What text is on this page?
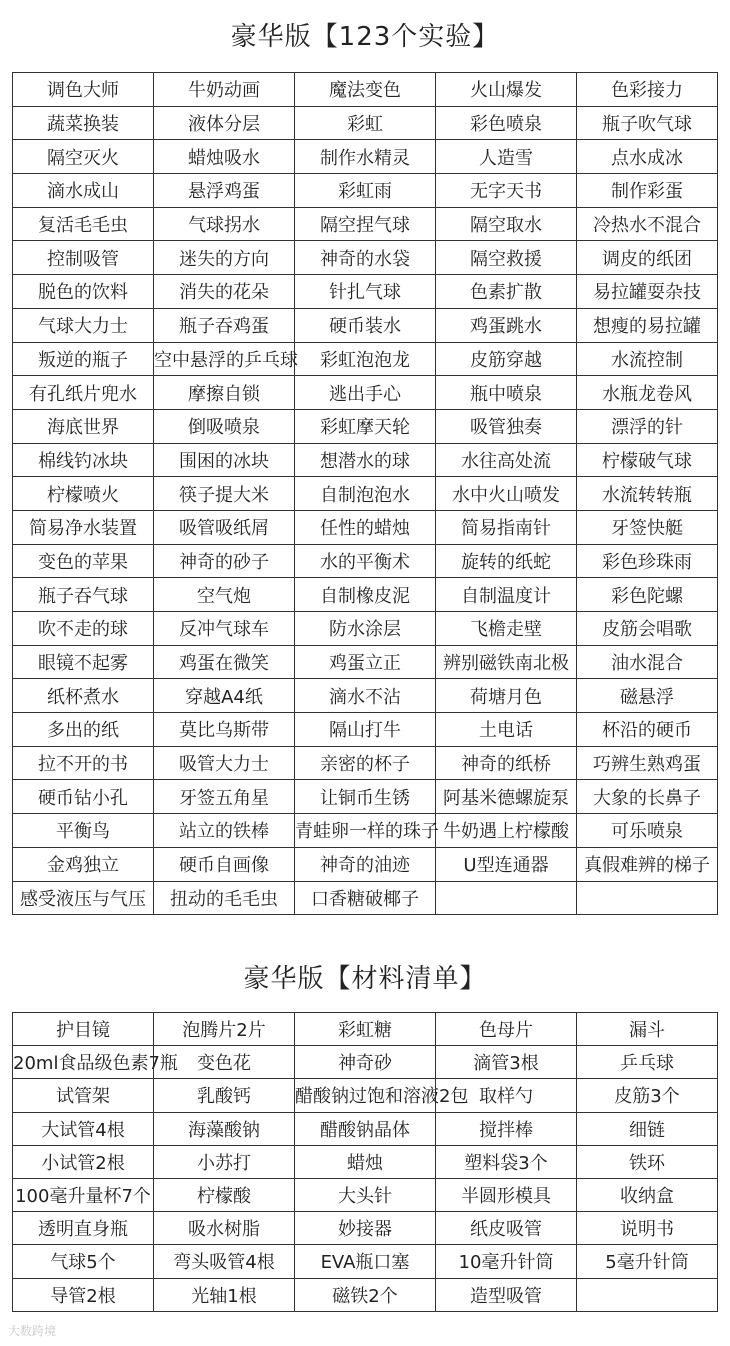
豪华版【123个实验】
调色大师	牛奶动画	魔法变色	火山爆发	色彩接力
蔬菜换装	液体分层	彩虹	彩色喷泉	瓶子吹气球
隔空灭火	蜡烛吸水	制作水精灵	人造雪	点水成冰
滴水成山	悬浮鸡蛋	彩虹雨	无字天书	制作彩蛋
复活毛毛虫	气球拐水	隔空捏气球	隔空取水	冷热水不混合
控制吸管	迷失的方向	神奇的水袋	隔空救援	调皮的纸团
脱色的饮料	消失的花朵	针扎气球	色素扩散	易拉罐耍杂技
气球大力士	瓶子吞鸡蛋	硬币装水	鸡蛋跳水	想瘦的易拉罐
叛逆的瓶子	空中悬浮的乒乓球	彩虹泡泡龙	皮筋穿越	水流控制
有孔纸片兜水	摩擦自锁	逃出手心	瓶中喷泉	水瓶龙卷风
海底世界	倒吸喷泉	彩虹摩天轮	吸管独奏	漂浮的针
棉线钓冰块	围困的冰块	想潜水的球	水往高处流	柠檬破气球
柠檬喷火	筷子提大米	自制泡泡水	水中火山喷发	水流转转瓶
简易净水装置	吸管吸纸屑	任性的蜡烛	简易指南针	牙签快艇
变色的苹果	神奇的砂子	水的平衡术	旋转的纸蛇	彩色珍珠雨
瓶子吞气球	空气炮	自制橡皮泥	自制温度计	彩色陀螺
吹不走的球	反冲气球车	防水涂层	飞檐走壁	皮筋会唱歌
眼镜不起雾	鸡蛋在微笑	鸡蛋立正	辨别磁铁南北极	油水混合
纸杯煮水	穿越A4纸	滴水不沾	荷塘月色	磁悬浮
多出的纸	莫比乌斯带	隔山打牛	土电话	杯沿的硬币
拉不开的书	吸管大力士	亲密的杯子	神奇的纸桥	巧辨生熟鸡蛋
硬币钻小孔	牙签五角星	让铜币生锈	阿基米德螺旋泵	大象的长鼻子
平衡鸟	站立的铁棒	青蛙卵一样的珠子	牛奶遇上柠檬酸	可乐喷泉
金鸡独立	硬币自画像	神奇的油迹	U型连通器	真假难辨的梯子
感受液压与气压	扭动的毛毛虫	口香糖破椰子		
豪华版【材料清单】
护目镜	泡腾片2片	彩虹糖	色母片	漏斗
20ml食品级色素7瓶	变色花	神奇砂	滴管3根	乒乓球
试管架	乳酸钙	醋酸钠过饱和溶液2包	取样勺	皮筋3个
大试管4根	海藻酸钠	醋酸钠晶体	搅拌棒	细链
小试管2根	小苏打	蜡烛	塑料袋3个	铁环
100毫升量杯7个	柠檬酸	大头针	半圆形模具	收纳盒
透明直身瓶	吸水树脂	妙接器	纸皮吸管	说明书
气球5个	弯头吸管4根	EVA瓶口塞	10毫升针筒	5毫升针筒
导管2根	光轴1根	磁铁2个	造型吸管	
大数跨境
